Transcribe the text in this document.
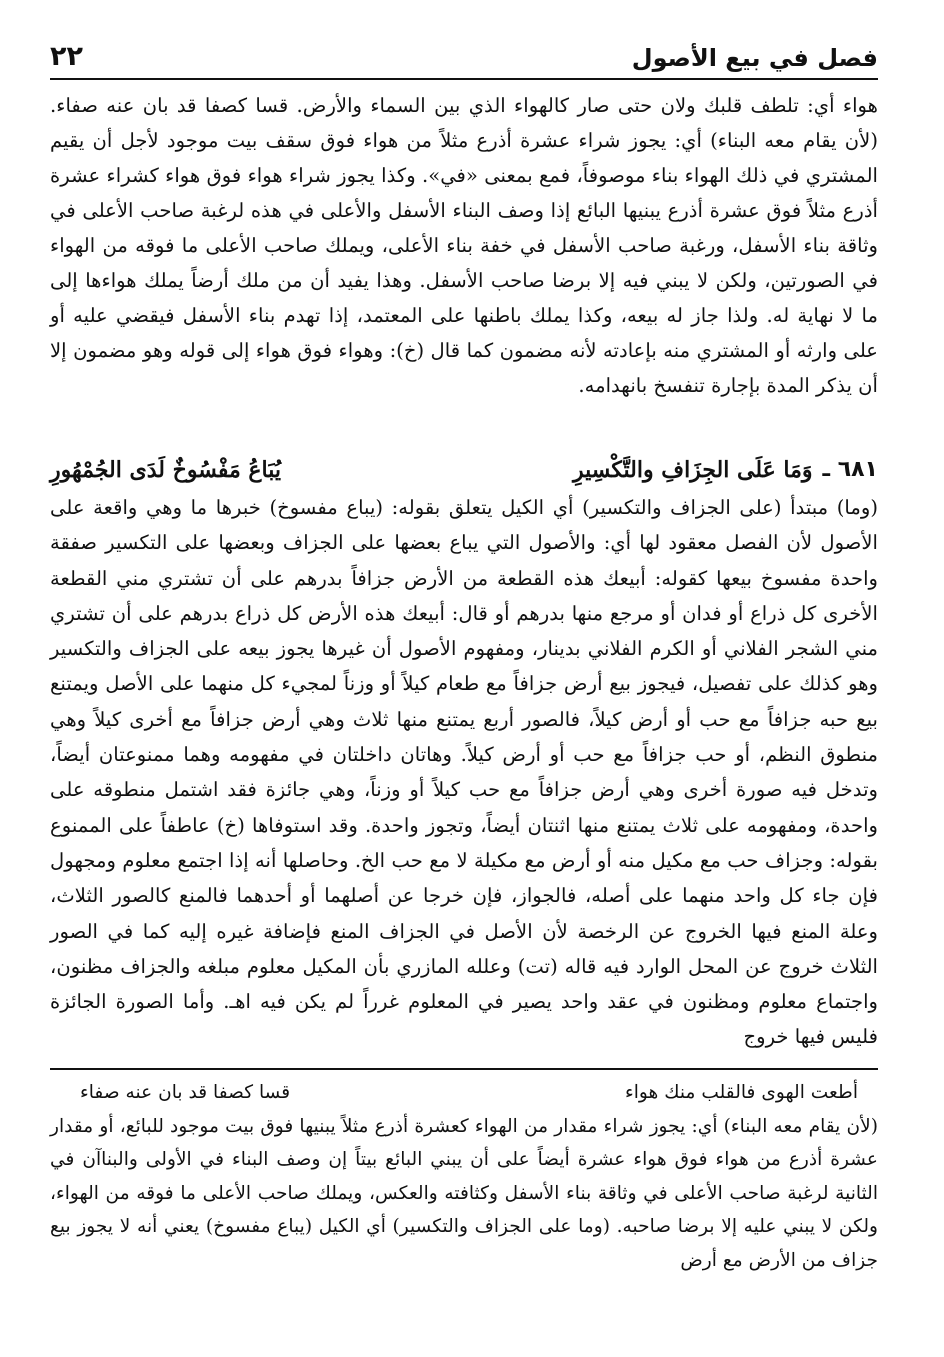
فصل في بيع الأصول
٢٢

هواء أي: تلطف قلبك ولان حتى صار كالهواء الذي بين السماء والأرض. قسا كصفا قد بان عنه صفاء. (لأن يقام معه البناء) أي: يجوز شراء عشرة أذرع مثلاً من هواء فوق سقف بيت موجود لأجل أن يقيم المشتري في ذلك الهواء بناء موصوفاً، فمع بمعنى «في». وكذا يجوز شراء هواء فوق هواء كشراء عشرة أذرع مثلاً فوق عشرة أذرع يبنيها البائع إذا وصف البناء الأسفل والأعلى في هذه لرغبة صاحب الأعلى في وثاقة بناء الأسفل، ورغبة صاحب الأسفل في خفة بناء الأعلى، ويملك صاحب الأعلى ما فوقه من الهواء في الصورتين، ولكن لا يبني فيه إلا برضا صاحب الأسفل. وهذا يفيد أن من ملك أرضاً يملك هواءها إلى ما لا نهاية له. ولذا جاز له بيعه، وكذا يملك باطنها على المعتمد، إذا تهدم بناء الأسفل فيقضي عليه أو على وارثه أو المشتري منه بإعادته لأنه مضمون كما قال (خ): وهواء فوق هواء إلى قوله وهو مضمون إلا أن يذكر المدة بإجارة تنفسخ بانهدامه.

٦٨١ ـ
وَمَا عَلَى الجِزَافِ والتَّكْسِيرِ
يُبَاعُ مَفْسُوخٌ لَدَى الجُمْهُورِ

(وما) مبتدأ (على الجزاف والتكسير) أي الكيل يتعلق بقوله: (يباع مفسوخ) خبرها ما وهي واقعة على الأصول لأن الفصل معقود لها أي: والأصول التي يباع بعضها على الجزاف وبعضها على التكسير صفقة واحدة مفسوخ بيعها كقوله: أبيعك هذه القطعة من الأرض جزافاً بدرهم على أن تشتري مني القطعة الأخرى كل ذراع أو فدان أو مرجع منها بدرهم أو قال: أبيعك هذه الأرض كل ذراع بدرهم على أن تشتري مني الشجر الفلاني أو الكرم الفلاني بدينار، ومفهوم الأصول أن غيرها يجوز بيعه على الجزاف والتكسير وهو كذلك على تفصيل، فيجوز بيع أرض جزافاً مع طعام كيلاً أو وزناً لمجيء كل منهما على الأصل ويمتنع بيع حبه جزافاً مع حب أو أرض كيلاً، فالصور أربع يمتنع منها ثلاث وهي أرض جزافاً مع أخرى كيلاً وهي منطوق النظم، أو حب جزافاً مع حب أو أرض كيلاً. وهاتان داخلتان في مفهومه وهما ممنوعتان أيضاً، وتدخل فيه صورة أخرى وهي أرض جزافاً مع حب كيلاً أو وزناً، وهي جائزة فقد اشتمل منطوقه على واحدة، ومفهومه على ثلاث يمتنع منها اثنتان أيضاً، وتجوز واحدة. وقد استوفاها (خ) عاطفاً على الممنوع بقوله: وجزاف حب مع مكيل منه أو أرض مع مكيلة لا مع حب الخ. وحاصلها أنه إذا اجتمع معلوم ومجهول فإن جاء كل واحد منهما على أصله، فالجواز، فإن خرجا عن أصلهما أو أحدهما فالمنع كالصور الثلاث، وعلة المنع فيها الخروج عن الرخصة لأن الأصل في الجزاف المنع فإضافة غيره إليه كما في الصور الثلاث خروج عن المحل الوارد فيه قاله (تت) وعلله المازري بأن المكيل معلوم مبلغه والجزاف مظنون، واجتماع معلوم ومظنون في عقد واحد يصير في المعلوم غرراً لم يكن فيه اهـ. وأما الصورة الجائزة فليس فيها خروج

أطعت الهوى فالقلب منك هواء
قسا كصفا قد بان عنه صفاء

(لأن يقام معه البناء) أي: يجوز شراء مقدار من الهواء كعشرة أذرع مثلاً يبنيها فوق بيت موجود للبائع، أو مقدار عشرة أذرع من هواء فوق هواء عشرة أيضاً على أن يبني البائع بيتاً إن وصف البناء في الأولى والبناآن في الثانية لرغبة صاحب الأعلى في وثاقة بناء الأسفل وكثافته والعكس، ويملك صاحب الأعلى ما فوقه من الهواء، ولكن لا يبني عليه إلا برضا صاحبه. (وما على الجزاف والتكسير) أي الكيل (يباع مفسوخ) يعني أنه لا يجوز بيع جزاف من الأرض مع أرض
